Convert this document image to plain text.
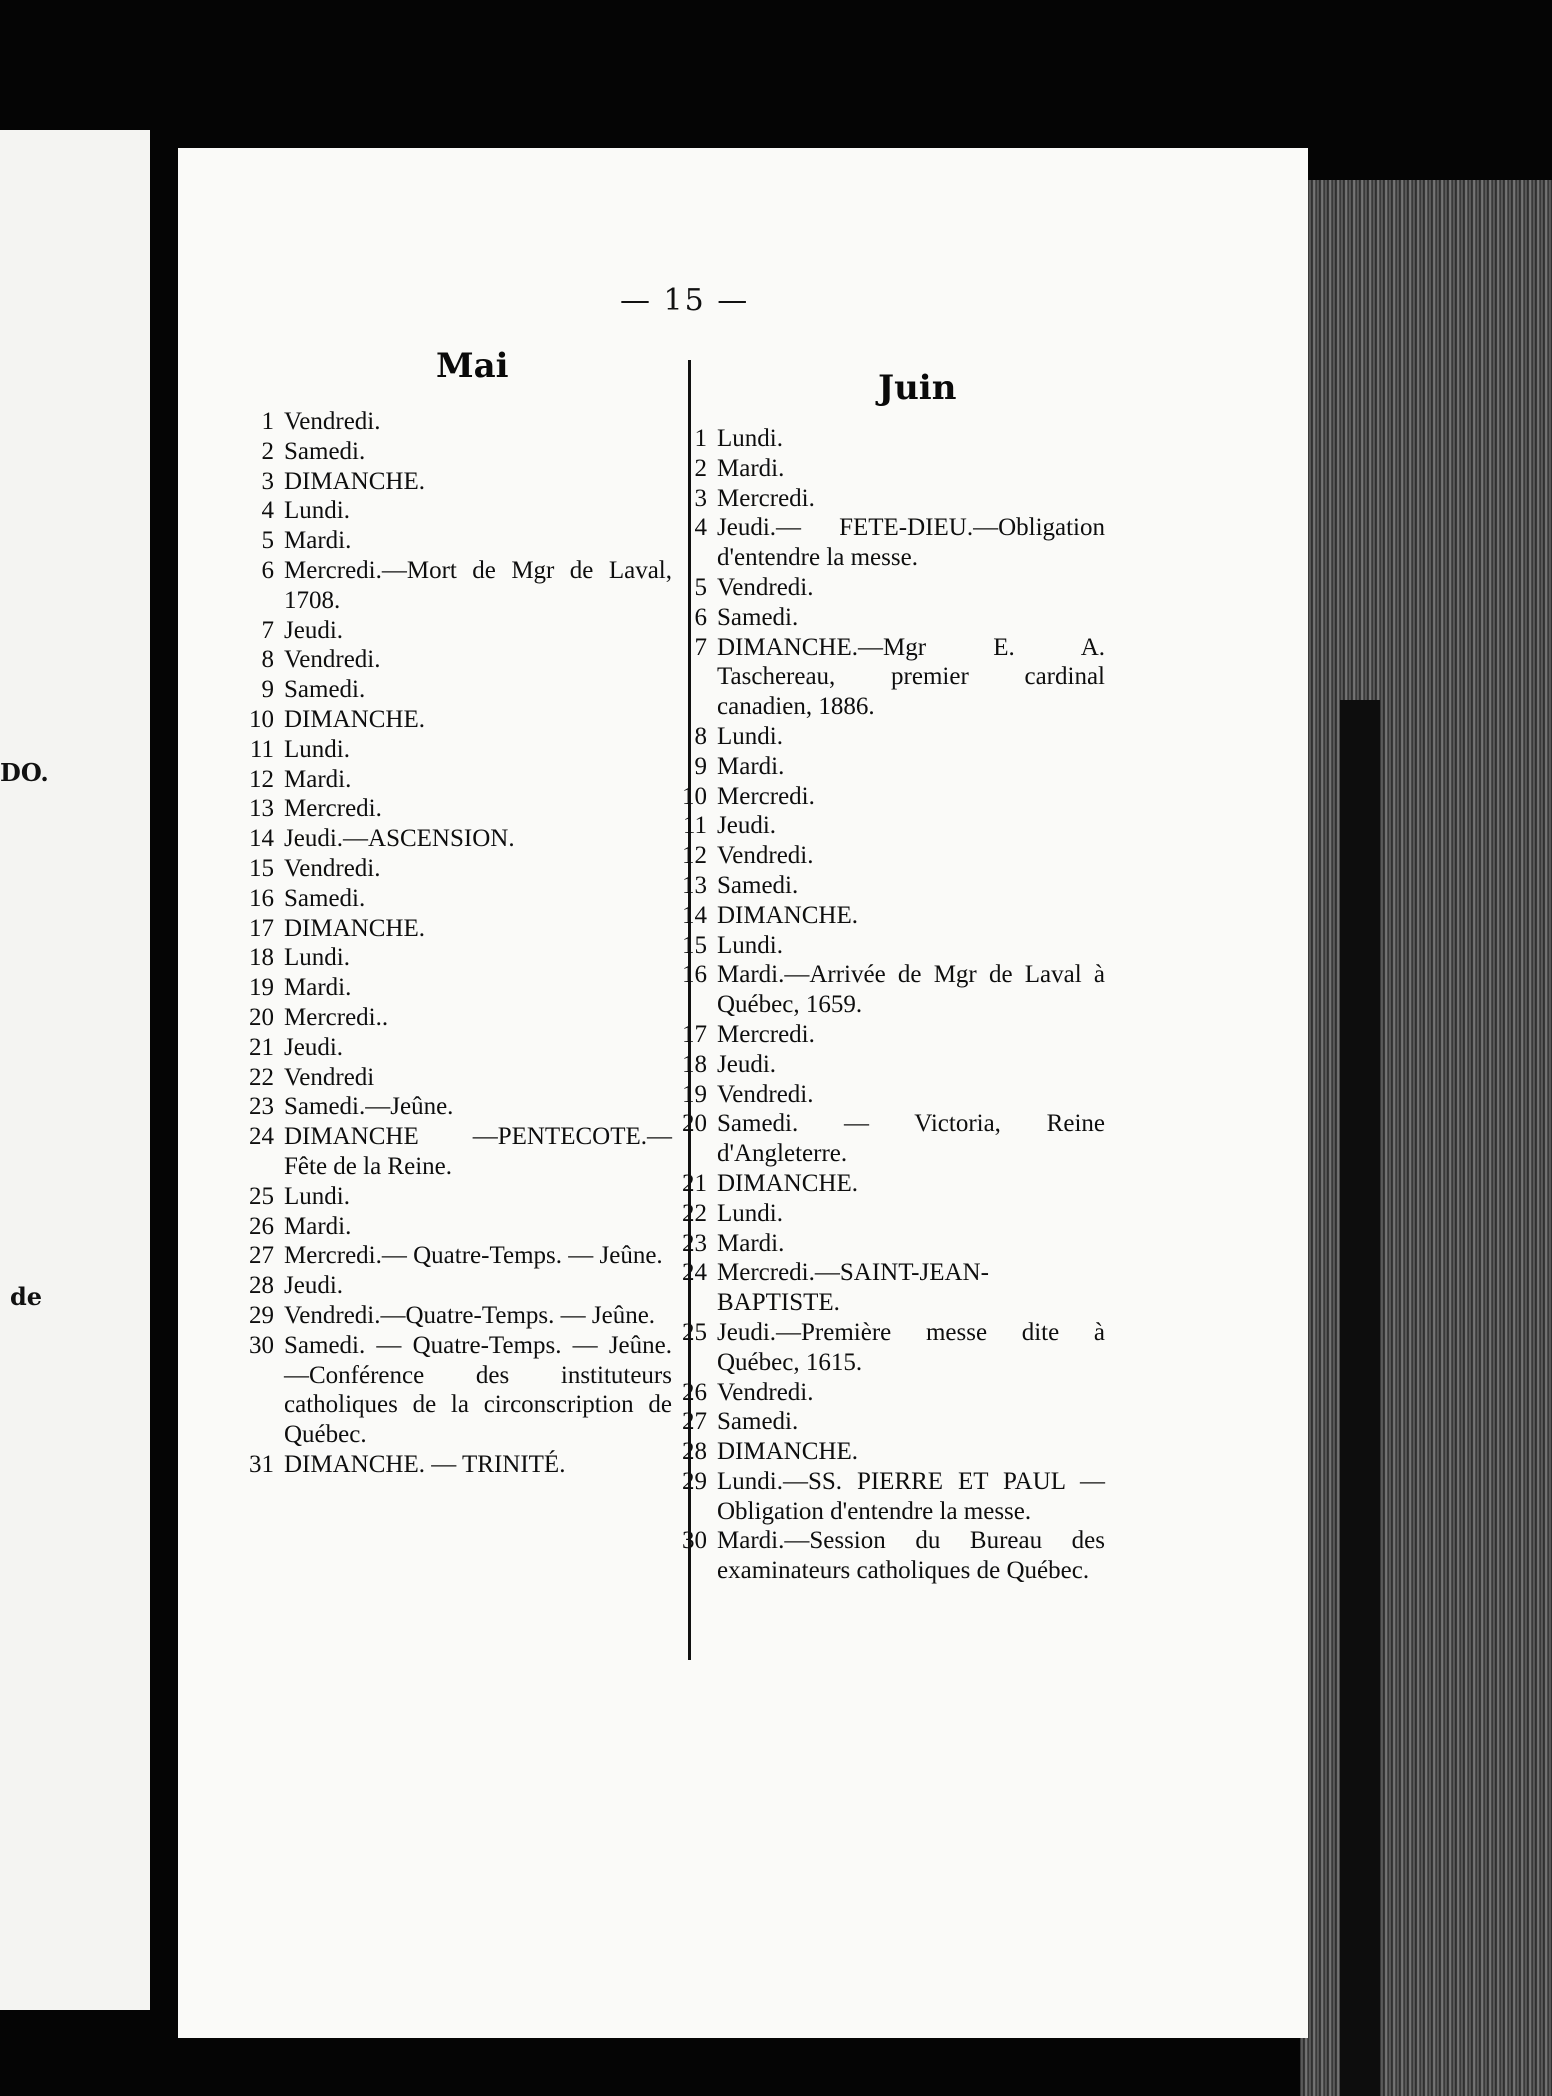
DO.
de
— 15 —
Mai
Juin
1 Vendredi.
2 Samedi.
3 DIMANCHE.
4 Lundi.
5 Mardi.
6 Mercredi.—Mort de Mgr de Laval, 1708.
7 Jeudi.
8 Vendredi.
9 Samedi.
10 DIMANCHE.
11 Lundi.
12 Mardi.
13 Mercredi.
14 Jeudi.—ASCENSION.
15 Vendredi.
16 Samedi.
17 DIMANCHE.
18 Lundi.
19 Mardi.
20 Mercredi..
21 Jeudi.
22 Vendredi
23 Samedi.—Jeûne.
24 DIMANCHE —PENTECOTE.— Fête de la Reine.
25 Lundi.
26 Mardi.
27 Mercredi.— Quatre-Temps. — Jeûne.
28 Jeudi.
29 Vendredi.—Quatre-Temps. — Jeûne.
30 Samedi. — Quatre-Temps. — Jeûne.—Conférence des instituteurs catholiques de la circonscription de Québec.
31 DIMANCHE. — TRINITÉ.
1 Lundi.
2 Mardi.
3 Mercredi.
4 Jeudi.— FETE-DIEU.—Obligation d'entendre la messe.
5 Vendredi.
6 Samedi.
7 DIMANCHE.—Mgr E. A. Taschereau, premier cardinal canadien, 1886.
8 Lundi.
9 Mardi.
10 Mercredi.
11 Jeudi.
12 Vendredi.
13 Samedi.
14 DIMANCHE.
15 Lundi.
16 Mardi.—Arrivée de Mgr de Laval à Québec, 1659.
17 Mercredi.
18 Jeudi.
19 Vendredi.
20 Samedi. — Victoria, Reine d'Angleterre.
21 DIMANCHE.
22 Lundi.
23 Mardi.
24 Mercredi.—SAINT-JEAN-BAPTISTE.
25 Jeudi.—Première messe dite à Québec, 1615.
26 Vendredi.
27 Samedi.
28 DIMANCHE.
29 Lundi.—SS. PIERRE ET PAUL — Obligation d'entendre la messe.
30 Mardi.—Session du Bureau des examinateurs catholiques de Québec.
